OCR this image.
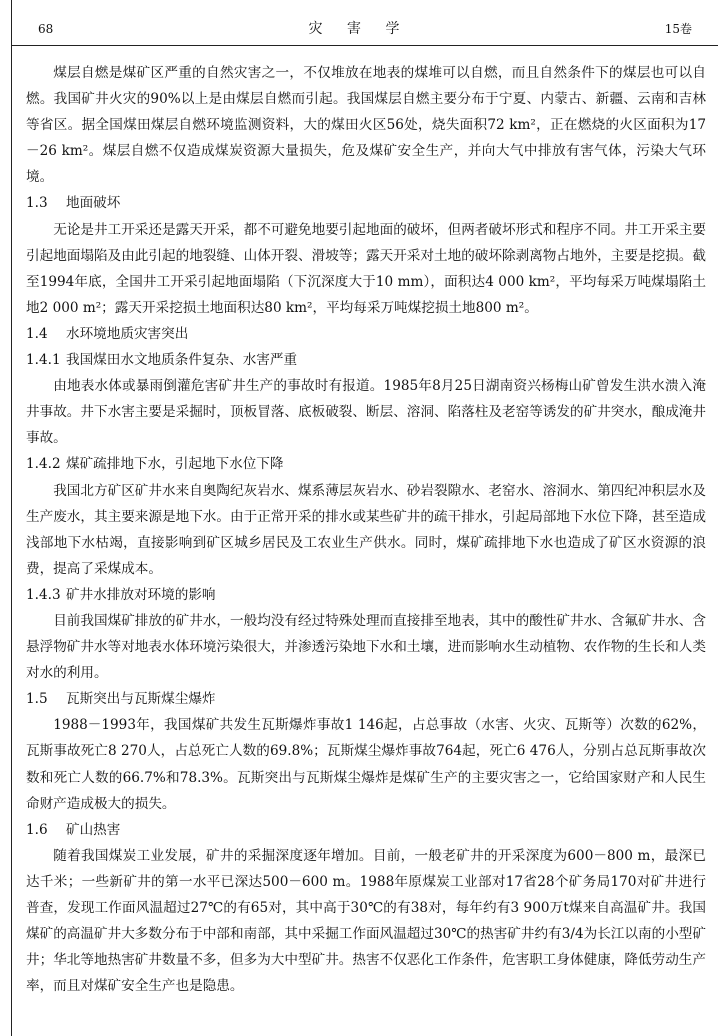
68	灾 害 学	15卷

煤层自燃是煤矿区严重的自然灾害之一，不仅堆放在地表的煤堆可以自燃，而且自然条件下的煤层也可以自燃。我国矿井火灾的90%以上是由煤层自燃而引起。我国煤层自燃主要分布于宁夏、内蒙古、新疆、云南和吉林等省区。据全国煤田煤层自燃环境监测资料，大的煤田火区56处，烧失面积72 km²，正在燃烧的火区面积为17－26 km²。煤层自燃不仅造成煤炭资源大量损失，危及煤矿安全生产，并向大气中排放有害气体，污染大气环境。

1.3 地面破坏

无论是井工开采还是露天开采，都不可避免地要引起地面的破坏，但两者破坏形式和程序不同。井工开采主要引起地面塌陷及由此引起的地裂缝、山体开裂、滑坡等；露天开采对土地的破坏除剥离物占地外，主要是挖损。截至1994年底，全国井工开采引起地面塌陷（下沉深度大于10 mm），面积达4 000 km²，平均每采万吨煤塌陷土地2 000 m²；露天开采挖损土地面积达80 km²，平均每采万吨煤挖损土地800 m²。

1.4 水环境地质灾害突出
1.4.1 我国煤田水文地质条件复杂、水害严重

由地表水体或暴雨倒灌危害矿井生产的事故时有报道。1985年8月25日湖南资兴杨梅山矿曾发生洪水溃入淹井事故。井下水害主要是采掘时，顶板冒落、底板破裂、断层、溶洞、陷落柱及老窑等诱发的矿井突水，酿成淹井事故。

1.4.2 煤矿疏排地下水，引起地下水位下降

我国北方矿区矿井水来自奥陶纪灰岩水、煤系薄层灰岩水、砂岩裂隙水、老窑水、溶洞水、第四纪冲积层水及生产废水，其主要来源是地下水。由于正常开采的排水或某些矿井的疏干排水，引起局部地下水位下降，甚至造成浅部地下水枯竭，直接影响到矿区城乡居民及工农业生产供水。同时，煤矿疏排地下水也造成了矿区水资源的浪费，提高了采煤成本。

1.4.3 矿井水排放对环境的影响

目前我国煤矿排放的矿井水，一般均没有经过特殊处理而直接排至地表，其中的酸性矿井水、含氟矿井水、含悬浮物矿井水等对地表水体环境污染很大，并渗透污染地下水和土壤，进而影响水生动植物、农作物的生长和人类对水的利用。

1.5 瓦斯突出与瓦斯煤尘爆炸

1988－1993年，我国煤矿共发生瓦斯爆炸事故1 146起，占总事故（水害、火灾、瓦斯等）次数的62%，瓦斯事故死亡8 270人，占总死亡人数的69.8%；瓦斯煤尘爆炸事故764起，死亡6 476人，分别占总瓦斯事故次数和死亡人数的66.7%和78.3%。瓦斯突出与瓦斯煤尘爆炸是煤矿生产的主要灾害之一，它给国家财产和人民生命财产造成极大的损失。

1.6 矿山热害

随着我国煤炭工业发展，矿井的采掘深度逐年增加。目前，一般老矿井的开采深度为600－800 m，最深已达千米；一些新矿井的第一水平已深达500－600 m。1988年原煤炭工业部对17省28个矿务局170对矿井进行普查，发现工作面风温超过27℃的有65对，其中高于30℃的有38对，每年约有3 900万t煤来自高温矿井。我国煤矿的高温矿井大多数分布于中部和南部，其中采掘工作面风温超过30℃的热害矿井约有3/4为长江以南的小型矿井；华北等地热害矿井数量不多，但多为大中型矿井。热害不仅恶化工作条件，危害职工身体健康，降低劳动生产率，而且对煤矿安全生产也是隐患。
